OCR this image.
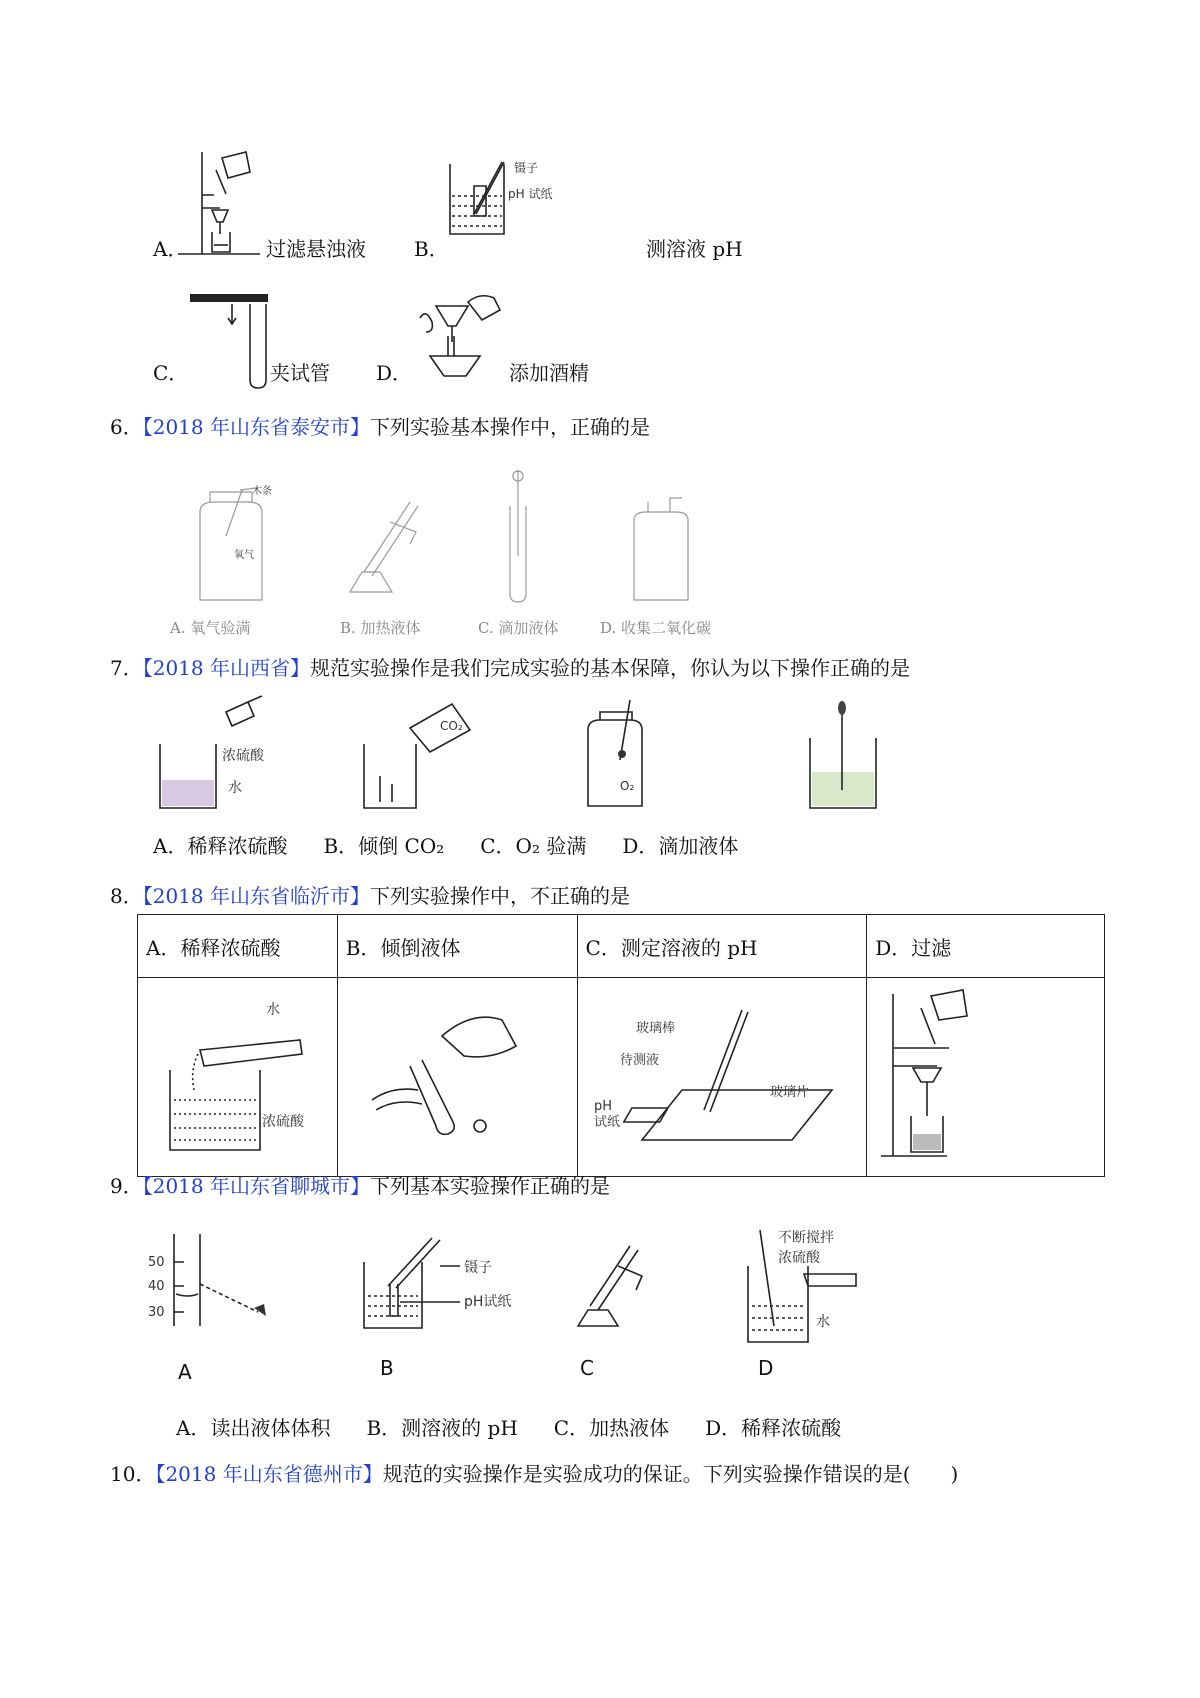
A．	过滤悬浊液
镊子
pH 试纸
B．	测溶液 pH
C．	夹试管 D．	添加酒精
6．【2018 年山东省泰安市】下列实验基本操作中，正确的是
木条
氧气
A. 氧气验满	B. 加热液体	C. 滴加液体	D. 收集二氧化碳
7．【2018 年山西省】规范实验操作是我们完成实验的基本保障，你认为以下操作正确的是
浓硫酸
水
CO₂
O₂
A．稀释浓硫酸 B．倾倒 CO₂ C．O₂ 验满 D．滴加液体
8．【2018 年山东省临沂市】下列实验操作中，不正确的是
A．稀释浓硫酸	B．倾倒液体	C．测定溶液的 pH	D．过滤

水
浓硫酸		玻璃棒
待测液
玻璃片
pH
试纸

9．【2018 年山东省聊城市】下列基本实验操作正确的是
50
40
30
A
镊子
pH试纸
B	C
不断搅拌
浓硫酸
水
D
A．读出液体体积 B．测溶液的 pH C．加热液体 D．稀释浓硫酸
10．【2018 年山东省德州市】规范的实验操作是实验成功的保证。下列实验操作错误的是(　　)
